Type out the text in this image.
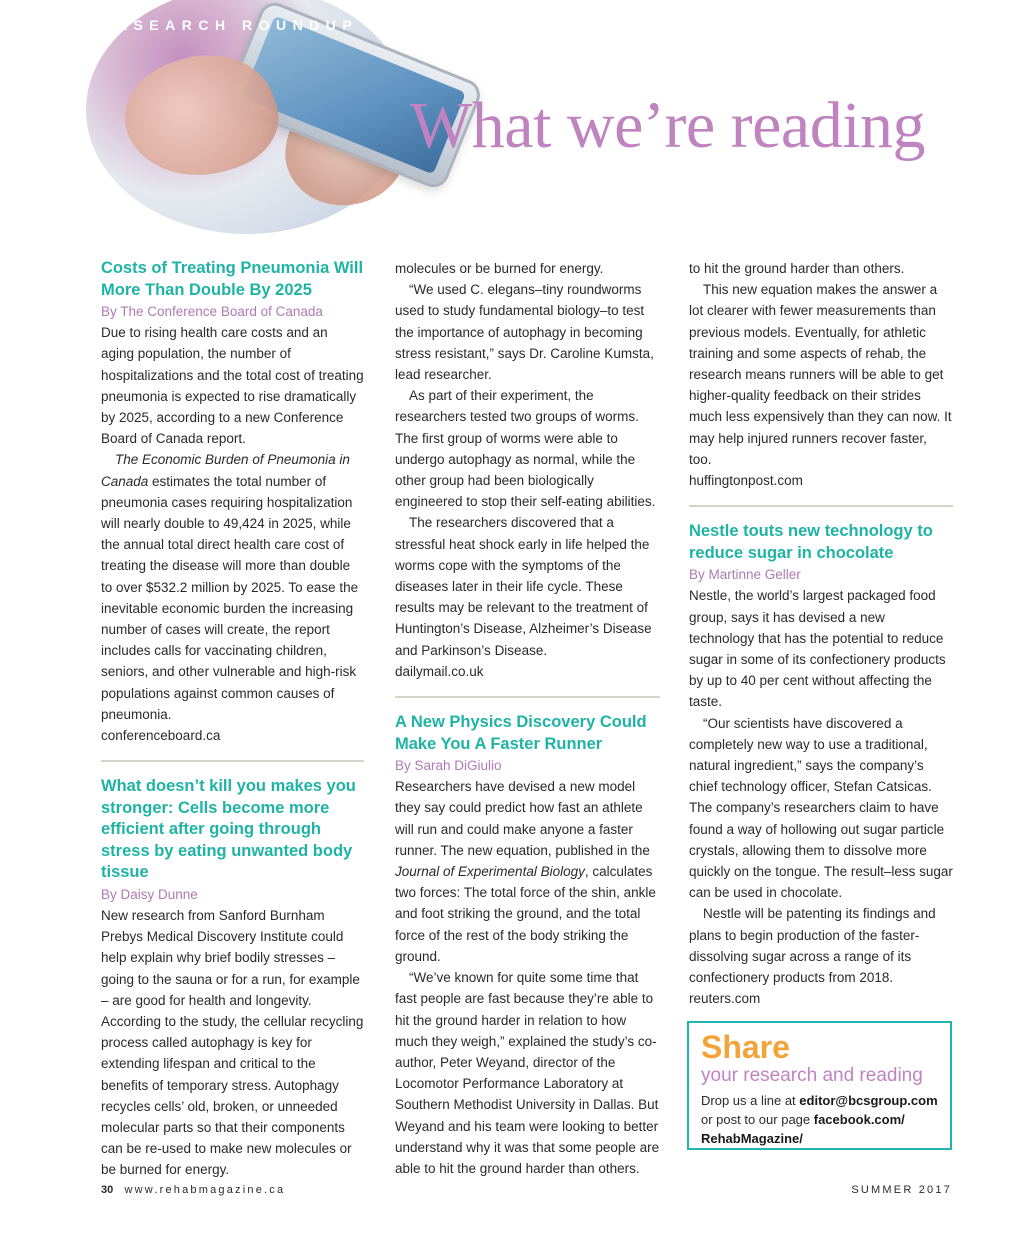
RESEARCH ROUNDUP
What we’re reading

Costs of Treating Pneumonia Will More Than Double By 2025

By The Conference Board of Canada

Due to rising health care costs and an aging population, the number of hospitalizations and the total cost of treating pneumonia is expected to rise dramatically by 2025, according to a new Conference Board of Canada report.

The Economic Burden of Pneumonia in Canada estimates the total number of pneumonia cases requiring hospitalization will nearly double to 49,424 in 2025, while the annual total direct health care cost of treating the disease will more than double to over $532.2 million by 2025. To ease the inevitable economic burden the increasing number of cases will create, the report includes calls for vaccinating children, seniors, and other vulnerable and high-risk populations against common causes of pneumonia.

conferenceboard.ca

What doesn’t kill you makes you stronger: Cells become more efficient after going through stress by eating unwanted body tissue

By Daisy Dunne

New research from Sanford Burnham Prebys Medical Discovery Institute could help explain why brief bodily stresses – going to the sauna or for a run, for example – are good for health and longevity. According to the study, the cellular recycling process called autophagy is key for extending lifespan and critical to the benefits of temporary stress. Autophagy recycles cells’ old, broken, or unneeded molecular parts so that their components can be re-used to make new molecules or be burned for energy.

molecules or be burned for energy.

“We used C. elegans–tiny roundworms used to study fundamental biology–to test the importance of autophagy in becoming stress resistant,” says Dr. Caroline Kumsta, lead researcher.

As part of their experiment, the researchers tested two groups of worms. The first group of worms were able to undergo autophagy as normal, while the other group had been biologically engineered to stop their self-eating abilities.

The researchers discovered that a stressful heat shock early in life helped the worms cope with the symptoms of the diseases later in their life cycle. These results may be relevant to the treatment of Huntington’s Disease, Alzheimer’s Disease and Parkinson’s Disease.

dailymail.co.uk

A New Physics Discovery Could Make You A Faster Runner

By Sarah DiGiulio

Researchers have devised a new model they say could predict how fast an athlete will run and could make anyone a faster runner. The new equation, published in the Journal of Experimental Biology, calculates two forces: The total force of the shin, ankle and foot striking the ground, and the total force of the rest of the body striking the ground.

“We’ve known for quite some time that fast people are fast because they’re able to hit the ground harder in relation to how much they weigh,” explained the study’s co-author, Peter Weyand, director of the Locomotor Performance Laboratory at Southern Methodist University in Dallas. But Weyand and his team were looking to better understand why it was that some people are able to hit the ground harder than others.

to hit the ground harder than others.

This new equation makes the answer a lot clearer with fewer measurements than previous models. Eventually, for athletic training and some aspects of rehab, the research means runners will be able to get higher-quality feedback on their strides much less expensively than they can now. It may help injured runners recover faster, too.

huffingtonpost.com

Nestle touts new technology to reduce sugar in chocolate

By Martinne Geller

Nestle, the world’s largest packaged food group, says it has devised a new technology that has the potential to reduce sugar in some of its confectionery products by up to 40 per cent without affecting the taste.

“Our scientists have discovered a completely new way to use a traditional, natural ingredient,” says the company’s chief technology officer, Stefan Catsicas. The company’s researchers claim to have found a way of hollowing out sugar particle crystals, allowing them to dissolve more quickly on the tongue. The result–less sugar can be used in chocolate.

Nestle will be patenting its findings and plans to begin production of the faster-dissolving sugar across a range of its confectionery products from 2018.

reuters.com

Share
your research and reading
Drop us a line at editor@bcsgroup.com
or post to our page facebook.com/ RehabMagazine/
30 www.rehabmagazine.ca	SUMMER 2017
